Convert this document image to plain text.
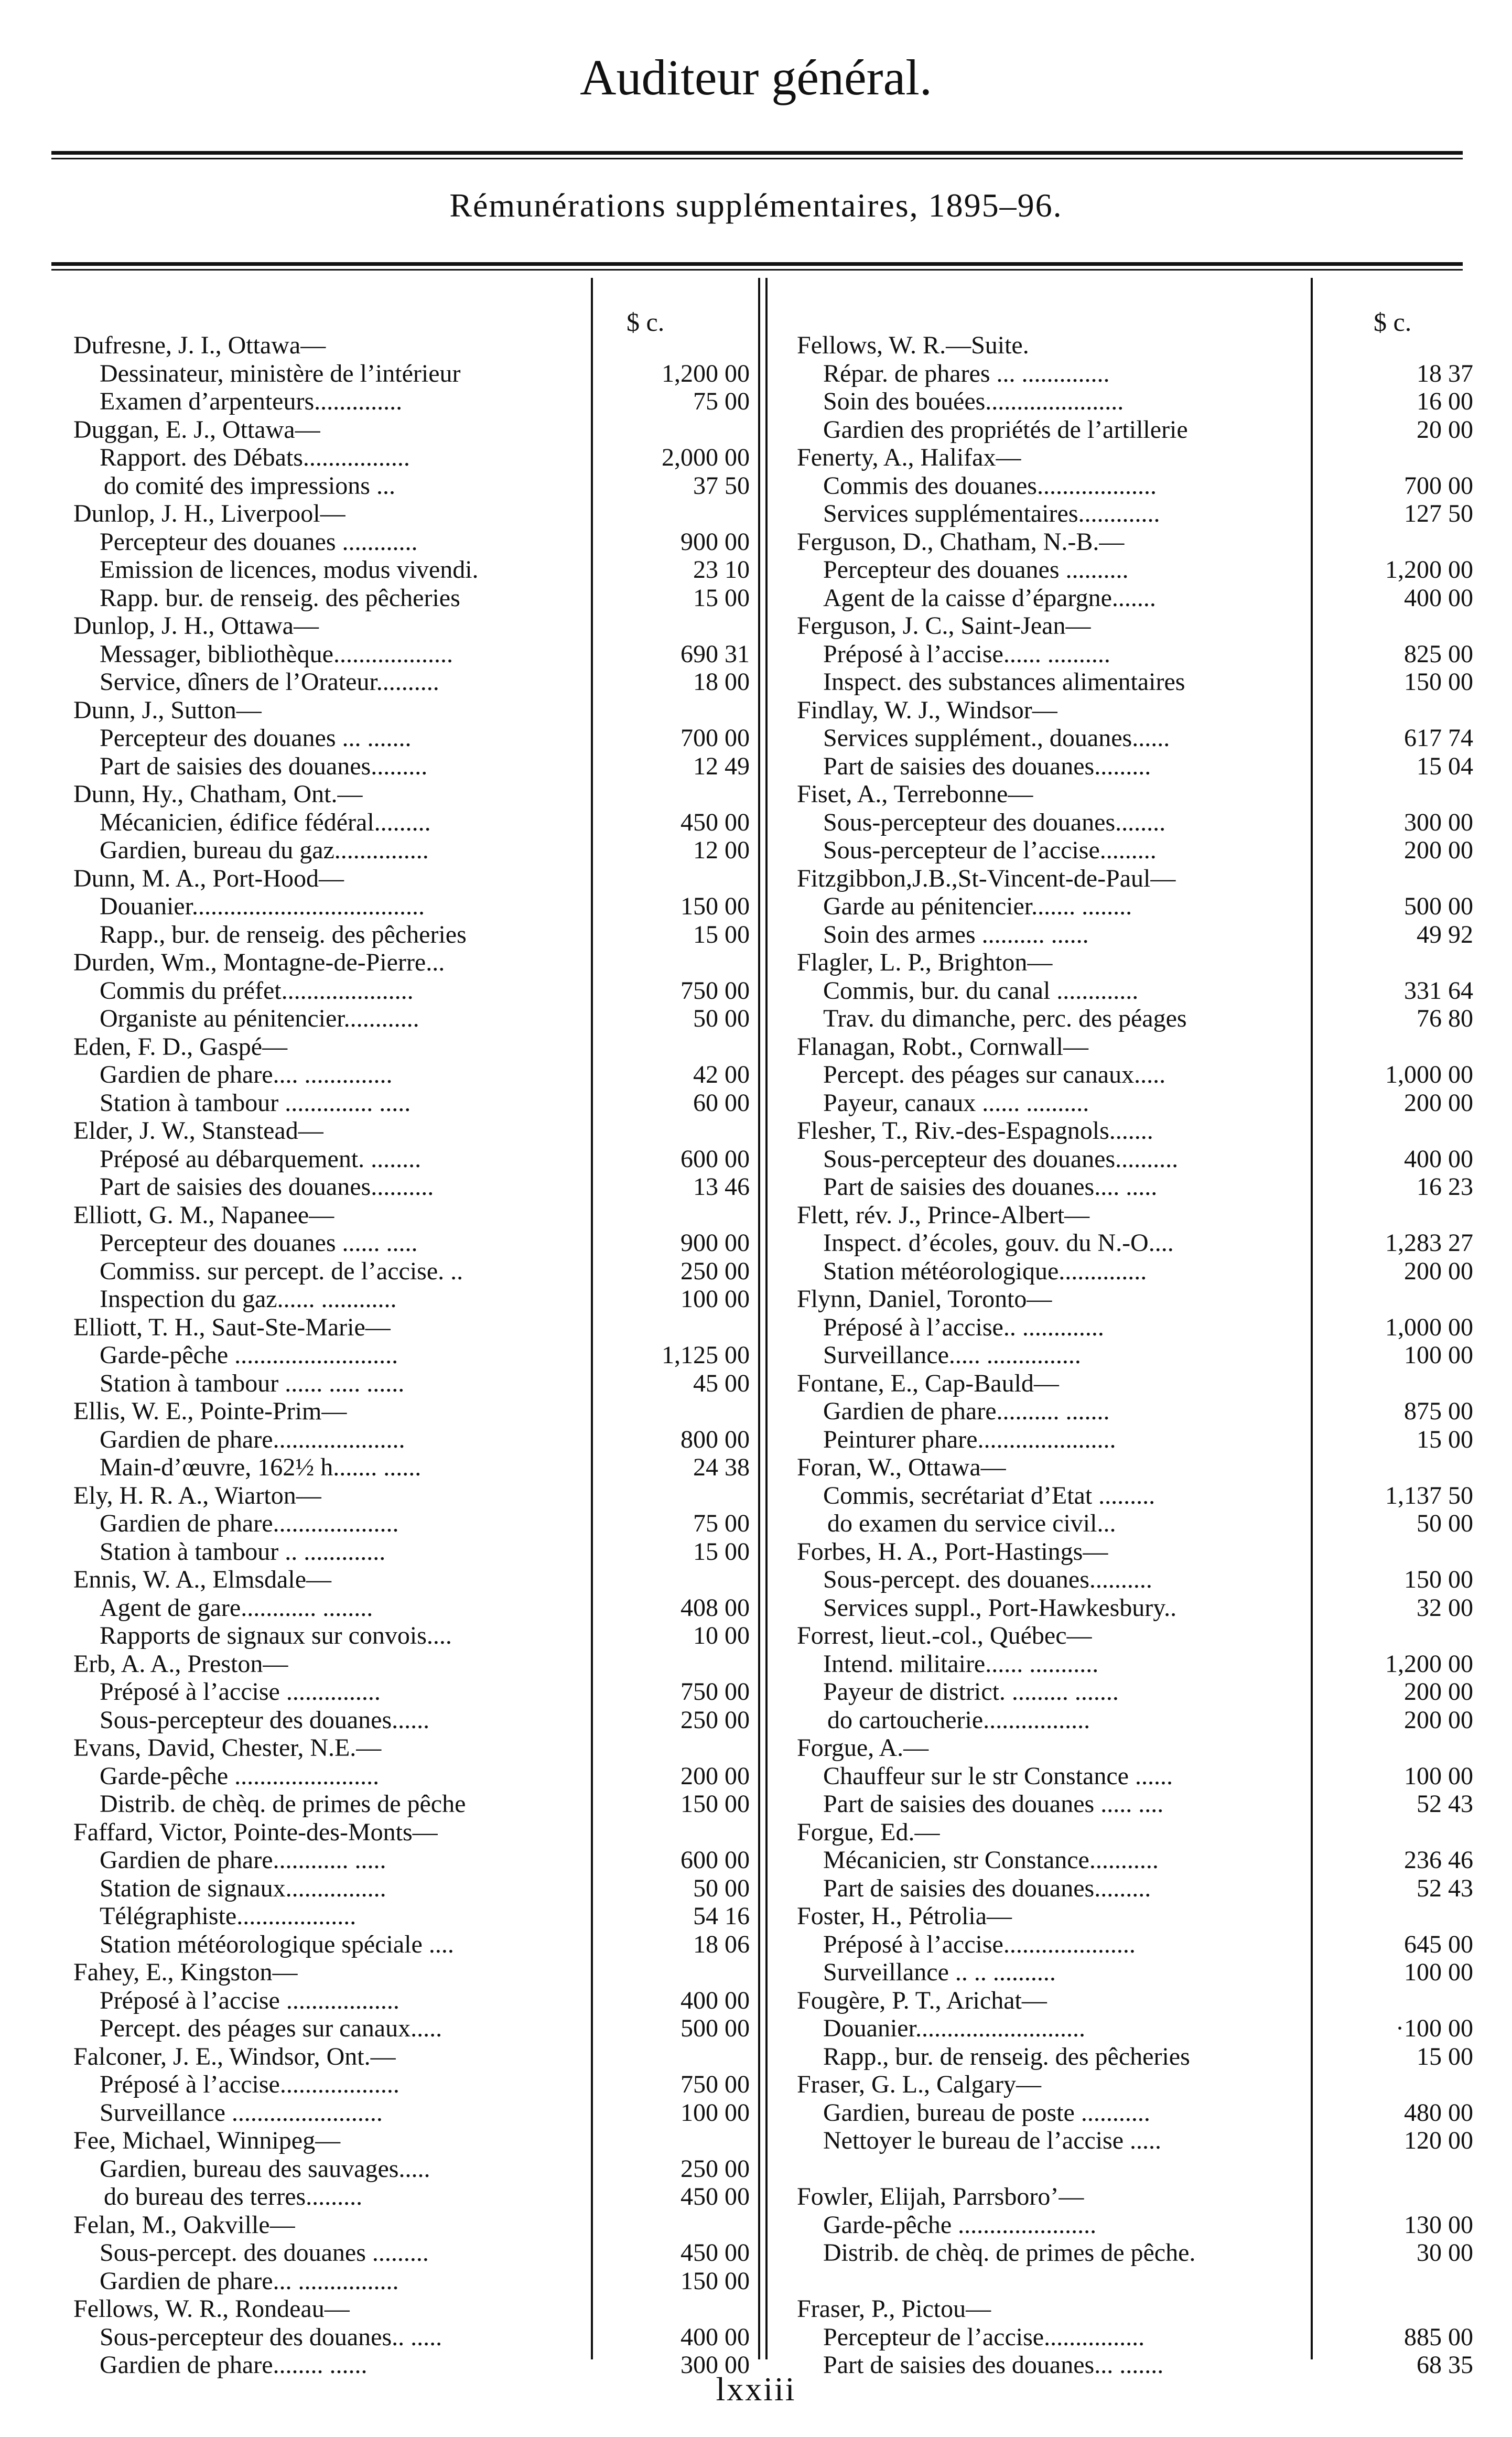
Auditeur général.
Rémunérations supplémentaires, 1895–96.
$ c.	$ c.
Dufresne, J. I., Ottawa—
Dessinateur, ministère de l’intérieur
Examen d’arpenteurs..............
Duggan, E. J., Ottawa—
Rapport. des Débats.................
do comité des impressions ...
Dunlop, J. H., Liverpool—
Percepteur des douanes ............
Emission de licences, modus vivendi.
Rapp. bur. de renseig. des pêcheries
Dunlop, J. H., Ottawa—
Messager, bibliothèque...................
Service, dîners de l’Orateur..........
Dunn, J., Sutton—
Percepteur des douanes ... .......
Part de saisies des douanes.........
Dunn, Hy., Chatham, Ont.—
Mécanicien, édifice fédéral.........
Gardien, bureau du gaz...............
Dunn, M. A., Port-Hood—
Douanier.....................................
Rapp., bur. de renseig. des pêcheries
Durden, Wm., Montagne-de-Pierre...
Commis du préfet.....................
Organiste au pénitencier............
Eden, F. D., Gaspé—
Gardien de phare.... ..............
Station à tambour .............. .....
Elder, J. W., Stanstead—
Préposé au débarquement. ........
Part de saisies des douanes..........
Elliott, G. M., Napanee—
Percepteur des douanes ...... .....
Commiss. sur percept. de l’accise. ..
Inspection du gaz...... ............
Elliott, T. H., Saut-Ste-Marie—
Garde-pêche ..........................
Station à tambour ...... ..... ......
Ellis, W. E., Pointe-Prim—
Gardien de phare.....................
Main-d’œuvre, 162½ h....... ......
Ely, H. R. A., Wiarton—
Gardien de phare....................
Station à tambour .. .............
Ennis, W. A., Elmsdale—
Agent de gare............ ........
Rapports de signaux sur convois....
Erb, A. A., Preston—
Préposé à l’accise ...............
Sous-percepteur des douanes......
Evans, David, Chester, N.E.—
Garde-pêche .......................
Distrib. de chèq. de primes de pêche
Faffard, Victor, Pointe-des-Monts—
Gardien de phare............ .....
Station de signaux................
Télégraphiste...................
Station météorologique spéciale ....
Fahey, E., Kingston—
Préposé à l’accise ..................
Percept. des péages sur canaux.....
Falconer, J. E., Windsor, Ont.—
Préposé à l’accise...................
Surveillance ........................
Fee, Michael, Winnipeg—
Gardien, bureau des sauvages.....
do bureau des terres.........
Felan, M., Oakville—
Sous-percept. des douanes .........
Gardien de phare... ................
Fellows, W. R., Rondeau—
Sous-percepteur des douanes.. .....
Gardien de phare........ ......
1,200 00
75 00
2,000 00
37 50
900 00
23 10
15 00
690 31
18 00
700 00
12 49
450 00
12 00
150 00
15 00
750 00
50 00
42 00
60 00
600 00
13 46
900 00
250 00
100 00
1,125 00
45 00
800 00
24 38
75 00
15 00
408 00
10 00
750 00
250 00
200 00
150 00
600 00
50 00
54 16
18 06
400 00
500 00
750 00
100 00
250 00
450 00
450 00
150 00
400 00
300 00
Fellows, W. R.—Suite.
Répar. de phares ... ..............
Soin des bouées......................
Gardien des propriétés de l’artillerie
Fenerty, A., Halifax—
Commis des douanes...................
Services supplémentaires.............
Ferguson, D., Chatham, N.-B.—
Percepteur des douanes ..........
Agent de la caisse d’épargne.......
Ferguson, J. C., Saint-Jean—
Préposé à l’accise...... ..........
Inspect. des substances alimentaires
Findlay, W. J., Windsor—
Services supplément., douanes......
Part de saisies des douanes.........
Fiset, A., Terrebonne—
Sous-percepteur des douanes........
Sous-percepteur de l’accise.........
Fitzgibbon,J.B.,St-Vincent-de-Paul—
Garde au pénitencier....... ........
Soin des armes .......... ......
Flagler, L. P., Brighton—
Commis, bur. du canal .............
Trav. du dimanche, perc. des péages
Flanagan, Robt., Cornwall—
Percept. des péages sur canaux.....
Payeur, canaux ...... ..........
Flesher, T., Riv.-des-Espagnols.......
Sous-percepteur des douanes..........
Part de saisies des douanes.... .....
Flett, rév. J., Prince-Albert—
Inspect. d’écoles, gouv. du N.-O....
Station météorologique..............
Flynn, Daniel, Toronto—
Préposé à l’accise.. .............
Surveillance..... ...............
Fontane, E., Cap-Bauld—
Gardien de phare.......... .......
Peinturer phare......................
Foran, W., Ottawa—
Commis, secrétariat d’Etat .........
do examen du service civil...
Forbes, H. A., Port-Hastings—
Sous-percept. des douanes..........
Services suppl., Port-Hawkesbury..
Forrest, lieut.-col., Québec—
Intend. militaire...... ...........
Payeur de district. ......... .......
do cartoucherie.................
Forgue, A.—
Chauffeur sur le str Constance ......
Part de saisies des douanes ..... ....
Forgue, Ed.—
Mécanicien, str Constance...........
Part de saisies des douanes.........
Foster, H., Pétrolia—
Préposé à l’accise.....................
Surveillance .. .. ..........
Fougère, P. T., Arichat—
Douanier...........................
Rapp., bur. de renseig. des pêcheries
Fraser, G. L., Calgary—
Gardien, bureau de poste ...........
Nettoyer le bureau de l’accise .....
Fowler, Elijah, Parrsboro’—
Garde-pêche ......................
Distrib. de chèq. de primes de pêche.
Fraser, P., Pictou—
Percepteur de l’accise................
Part de saisies des douanes... .......
18 37
16 00
20 00
700 00
127 50
1,200 00
400 00
825 00
150 00
617 74
15 04
300 00
200 00
500 00
49 92
331 64
76 80
1,000 00
200 00
400 00
16 23
1,283 27
200 00
1,000 00
100 00
875 00
15 00
1,137 50
50 00
150 00
32 00
1,200 00
200 00
200 00
100 00
52 43
236 46
52 43
645 00
100 00
·100 00
15 00
480 00
120 00
130 00
30 00
885 00
68 35
lxxiii
